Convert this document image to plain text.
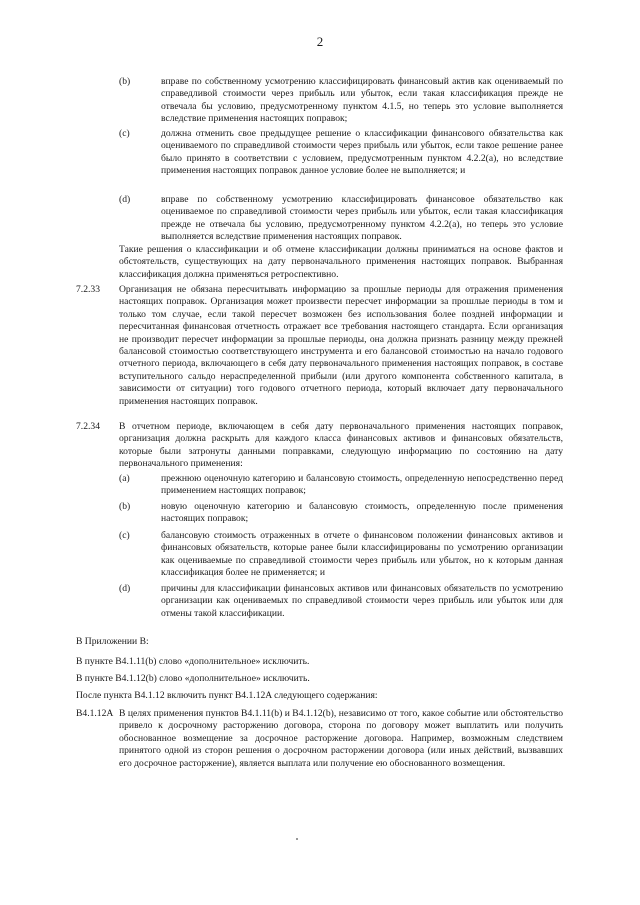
2
(b)	вправе по собственному усмотрению классифицировать финансовый актив как оцениваемый по справедливой стоимости через прибыль или убыток, если такая классификация прежде не отвечала бы условию, предусмотренному пунктом 4.1.5, но теперь это условие выполняется вследствие применения настоящих поправок;
(c)	должна отменить свое предыдущее решение о классификации финансового обязательства как оцениваемого по справедливой стоимости через прибыль или убыток, если такое решение ранее было принято в соответствии с условием, предусмотренным пунктом 4.2.2(a), но вследствие применения настоящих поправок данное условие более не выполняется; и
(d)	вправе по собственному усмотрению классифицировать финансовое обязательство как оцениваемое по справедливой стоимости через прибыль или убыток, если такая классификация прежде не отвечала бы условию, предусмотренному пунктом 4.2.2(a), но теперь это условие выполняется вследствие применения настоящих поправок.
Такие решения о классификации и об отмене классификации должны приниматься на основе фактов и обстоятельств, существующих на дату первоначального применения настоящих поправок. Выбранная классификация должна применяться ретроспективно.
7.2.33 Организация не обязана пересчитывать информацию за прошлые периоды для отражения применения настоящих поправок. Организация может произвести пересчет информации за прошлые периоды в том и только том случае, если такой пересчет возможен без использования более поздней информации и пересчитанная финансовая отчетность отражает все требования настоящего стандарта. Если организация не производит пересчет информации за прошлые периоды, она должна признать разницу между прежней балансовой стоимостью соответствующего инструмента и его балансовой стоимостью на начало годового отчетного периода, включающего в себя дату первоначального применения настоящих поправок, в составе вступительного сальдо нераспределенной прибыли (или другого компонента собственного капитала, в зависимости от ситуации) того годового отчетного периода, который включает дату первоначального применения настоящих поправок.
7.2.34 В отчетном периоде, включающем в себя дату первоначального применения настоящих поправок, организация должна раскрыть для каждого класса финансовых активов и финансовых обязательств, которые были затронуты данными поправками, следующую информацию по состоянию на дату первоначального применения:
(a)	прежнюю оценочную категорию и балансовую стоимость, определенную непосредственно перед применением настоящих поправок;
(b)	новую оценочную категорию и балансовую стоимость, определенную после применения настоящих поправок;
(c)	балансовую стоимость отраженных в отчете о финансовом положении финансовых активов и финансовых обязательств, которые ранее были классифицированы по усмотрению организации как оцениваемые по справедливой стоимости через прибыль или убыток, но к которым данная классификация более не применяется; и
(d)	причины для классификации финансовых активов или финансовых обязательств по усмотрению организации как оцениваемых по справедливой стоимости через прибыль или убыток или для отмены такой классификации.
В Приложении B:
В пункте B4.1.11(b) слово «дополнительное» исключить.
В пункте B4.1.12(b) слово «дополнительное» исключить.
После пункта B4.1.12 включить пункт B4.1.12A следующего содержания:
B4.1.12A В целях применения пунктов B4.1.11(b) и B4.1.12(b), независимо от того, какое событие или обстоятельство привело к досрочному расторжению договора, сторона по договору может выплатить или получить обоснованное возмещение за досрочное расторжение договора. Например, возможным следствием принятого одной из сторон решения о досрочном расторжении договора (или иных действий, вызвавших его досрочное расторжение), является выплата или получение ею обоснованного возмещения.
